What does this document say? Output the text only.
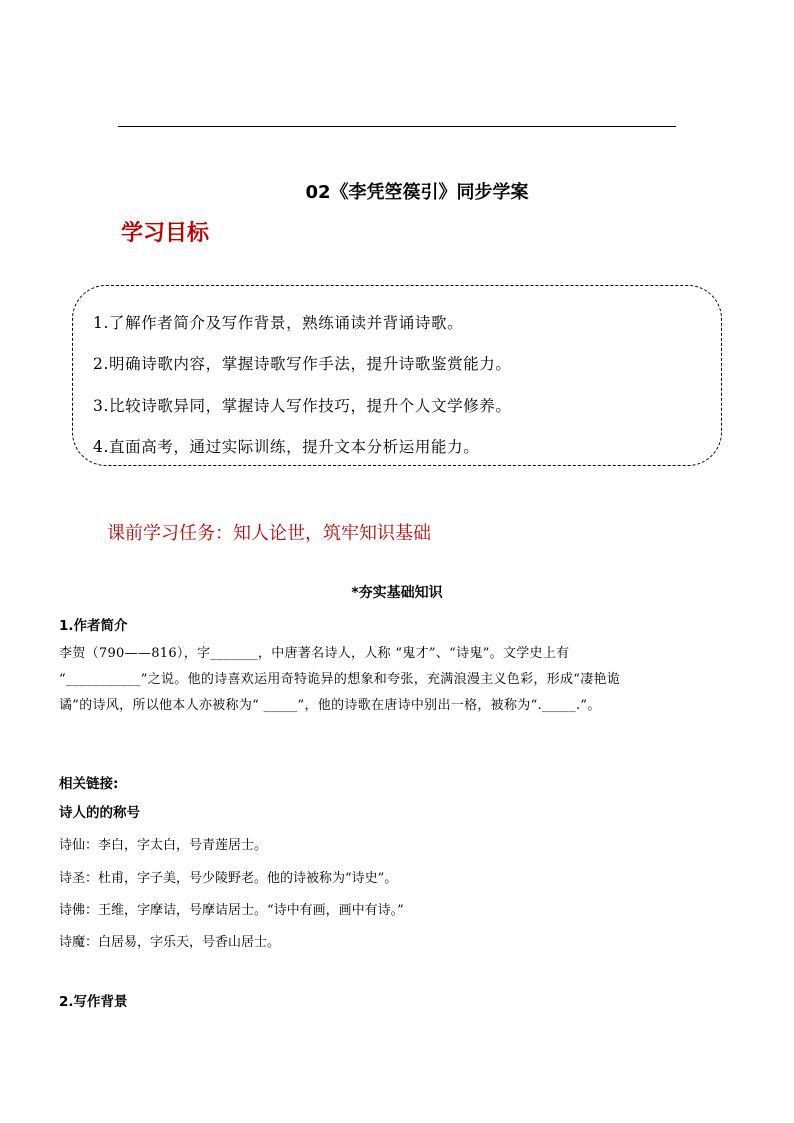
02《李凭箜篌引》同步学案
学习目标
1.了解作者简介及写作背景，熟练诵读并背诵诗歌。
2.明确诗歌内容，掌握诗歌写作手法，提升诗歌鉴赏能力。
3.比较诗歌异同，掌握诗人写作技巧，提升个人文学修养。
4.直面高考，通过实际训练，提升文本分析运用能力。
课前学习任务：知人论世，筑牢知识基础
*夯实基础知识
1.作者简介
李贺（790——816），字_______，中唐著名诗人，人称 “鬼才”、“诗鬼”。文学史上有
“___________”之说。他的诗喜欢运用奇特诡异的想象和夸张，充满浪漫主义色彩，形成“凄艳诡
谲”的诗风，所以他本人亦被称为“ _____”，他的诗歌在唐诗中别出一格，被称为“._____.”。
相关链接:
诗人的的称号
诗仙：李白，字太白，号青莲居士。
诗圣：杜甫，字子美，号少陵野老。他的诗被称为“诗史”。
诗佛：王维，字摩诘，号摩诘居士。“诗中有画，画中有诗。”
诗魔：白居易，字乐天，号香山居士。
2.写作背景
